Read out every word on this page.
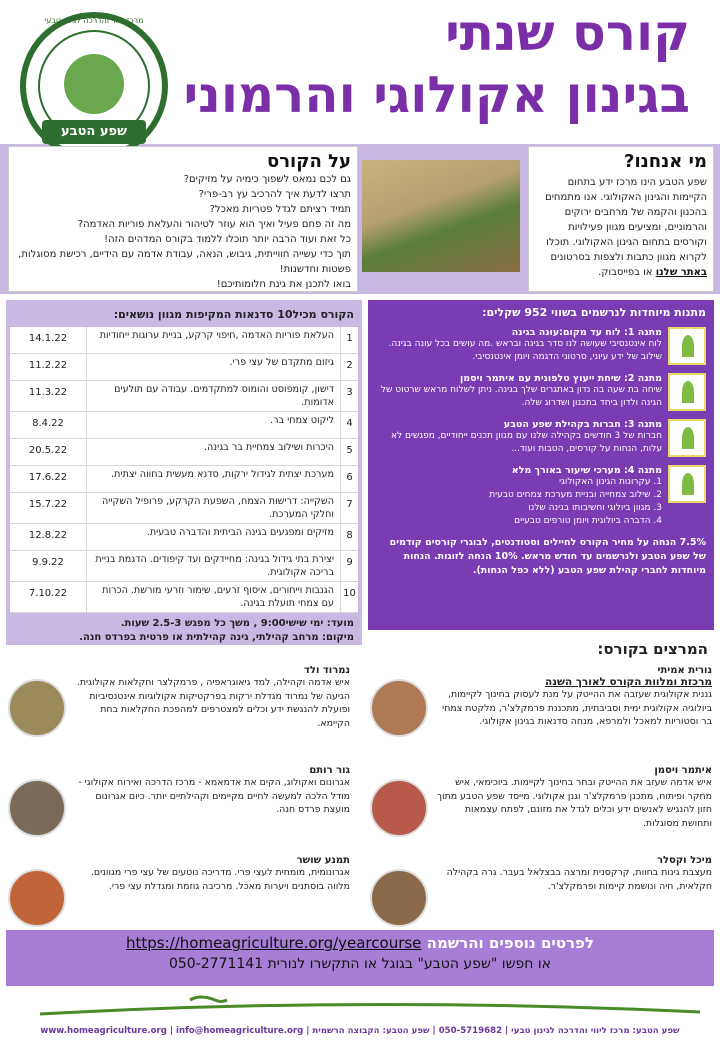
קורס שנתי
בגינון אקולוגי והרמוני
מרכז ליווי והדרכה לגינון טבעי
שפע הטבע
מי אנחנו?
שפע הטבע הינו מרכז ידע בתחום הקיימות והגינון האקולוגי. אנו מתמחים בהכנון והקמה של מרחבים ירוקים והרמוניים, ומציעים מגוון פעילויות וקורסים בתחום הגינון האקולוגי. תוכלו לקרוא מגוון כתבות ולצפות בסרטונים באתר שלנו או בפייסבוק.
על הקורס
גם לכם נמאס לשפוך כימיה על מזיקים?
תרצו לדעת איך להרכיב עץ רב-פרי?
תמיד רציתם לגדל פטריות מאכל?
מה זה פחם פעיל ואיך הוא עוזר לטיהור והעלאת פוריות האדמה?
כל זאת ועוד הרבה יותר תוכלו ללמוד בקורס המדהים הזה!
תוך כדי עשייה חווייתית, גיבוש, הנאה, עבודת אדמה עם הידיים, רכישת מסוגלות, פשטות וחדשנות!
בואו לתכנן את גינת חלומותיכם!
הקורס מכיל10 סדנאות המקיפות מגוון נושאים:
1
העלאת פוריות האדמה ,חיפוי קרקע, בניית ערוגות ייחודיות
14.1.22
2
גיזום מתקדם של עצי פרי.
11.2.22
3
דישון, קומפוסט והומוס למתקדמים. עבודה עם תולעים אדומות.
11.3.22
4
ליקוט צמחי בר.
8.4.22
5
היכרות ושילוב צמחיית בר בגינה.
20.5.22
6
מערכת יצתית לגידול ירקות, סדנא מעשית בחווה יצתית.
17.6.22
7
השקייה: דרישות הצמח, השפעת הקרקע, פרופיל השקייה וחלקי המערכת.
15.7.22
8
מזיקים ומפגעים בגינה הביתית והדברה טבעית.
12.8.22
9
יצירת בתי גידול בגינה: מחיידקים ועד קיפודים. הדגמת בניית בריכה אקולוגית.
9.9.22
10
הגנבות וייחורים, איסוף זרעים, שימור וזרעי מורשת. הכרות עם צמחי תועלת בגינה.
7.10.22
מועד: ימי שישי9:00 , משך כל מפגש 2.5-3 שעות.
מיקום: מרחב קהילתי, גינה קהילתית או פרטית בפרדס חנה.
מתנות מיוחדות לנרשמים בשווי 952 שקלים:
מתנה 1: לוח עד מקום:עונה בגינה
לוח אינטנסיבי שעושה לנו סדר בגינה ובראש .מה עושים בכל עונה בגינה. שילוב של ידע עיוני, סרטוני הדגמה ויומן אינטנסיבי.
מתנה 2: שיחת ייעוץ טלפונית עם איתמר ויסמן
שיחה בת שעה בה נדון באתגרים שלך בגינה. ניתן לשלוח מראש שרטוט של הגינה ולדון ביחד בתכנון ושדרוג שלה.
מתנה 3: חברות בקהילת שפע הטבע
חברות של 3 חודשים בקהילה שלנו עם מגוון תכנים ייחודיים, מפגשים לא עלות, הנחות על קורסים, הטבות ועוד...
מתנה 4: מערכי שיעור באורך מלא
1. עקרונות הגינון האקולוגי
2. שילוב צמחייה ובניית מערכת צמחים טבעית
3. מגוון ביולוגי וחשיבותו בגינה שלנו
4. הדברה ביולוגית ויומן טורפים טבעיים
7.5% הנחה על מחיר הקורס לחיילים וסטודנטים, לבוגרי קורסים קודמים של שפע הטבע ולנרשמים עד חודש מראש. 10% הנחה לזוגות. הנחות מיוחדות לחברי קהילת שפע הטבע (ללא כפל הנחות).
המרצים בקורס:
נורית אמיתי
מרכזת ומלוות הקורס לאורך השנה
גננית אקולוגית שעזבה את ההייטק על מנת לעסוק בחינוך לקיימות, ביולוגיה אקולוגית ימית וסביבתית, מתכננת פרמקלצ'ר, מלקטת צמחי בר וסטוריות למאכל ולמרפא, מנחה סדנאות בגינון אקולוגי.
איתמר ויסמן
איש אדמה שעזב את ההייטק ובחר בחינוך לקיימות. ביוכימאי, איש מחקר ופיתוח, מתכנן פרמקלצ'ר וגנן אקולוגי. מייסד שפע הטבע מתוך חזון להנגיש לאנשים ידע וכלים לגדל את מזונם, לפתח עצמאות ותחושת מסוגלות.
מיכל וקסלר
מעצבת גינות בחוות, קרקסנית ומרצה בבצלאל בעבר. גרה בקהילה חקלאית, חיה ונושמת קיימות ופרמקלצ'ר.
נמרוד ולד
איש אדמה וקהילה, למד גיאוגראפיה , פרמקלצר וחקלאות אקולוגית. הגיעה של נמרוד מגדלת ירקות בפרקטיקות אקולוגיות אינטנסיביות ופועלת להנגשת ידע וכלים למצטרפים למהפכת החקלאות בחת הקיימא.
גור רותם
אגרונום ואקולוג, הקים את אדמאמא - מרכז הדרכה ואירוח אקולוגי - מודל הלכה למעשה לחיים מקיימים וקהילתיים יותר. כיום אגרונום מועצת פרדס חנה.
תמנע שושר
אגרונומית, מומחית לעצי פרי. מדריכה נוטעים של עצי פרי מגוונים. מלווה בוסתנים ויערות מאכל. מרכיבה גוזמת ומגדלת עצי פרי.
לפרטים נוספים והרשמה https://homeagriculture.org/yearcourse
או חפשו "שפע הטבע" בגוגל או התקשרו לנורית 050-2771141
שפע הטבע: מרכז ליווי והדרכה לגינון טבעי | 050-5719682 | שפע הטבע: הקבוצה הרשמית | www.homeagriculture.org | info@homeagriculture.org
